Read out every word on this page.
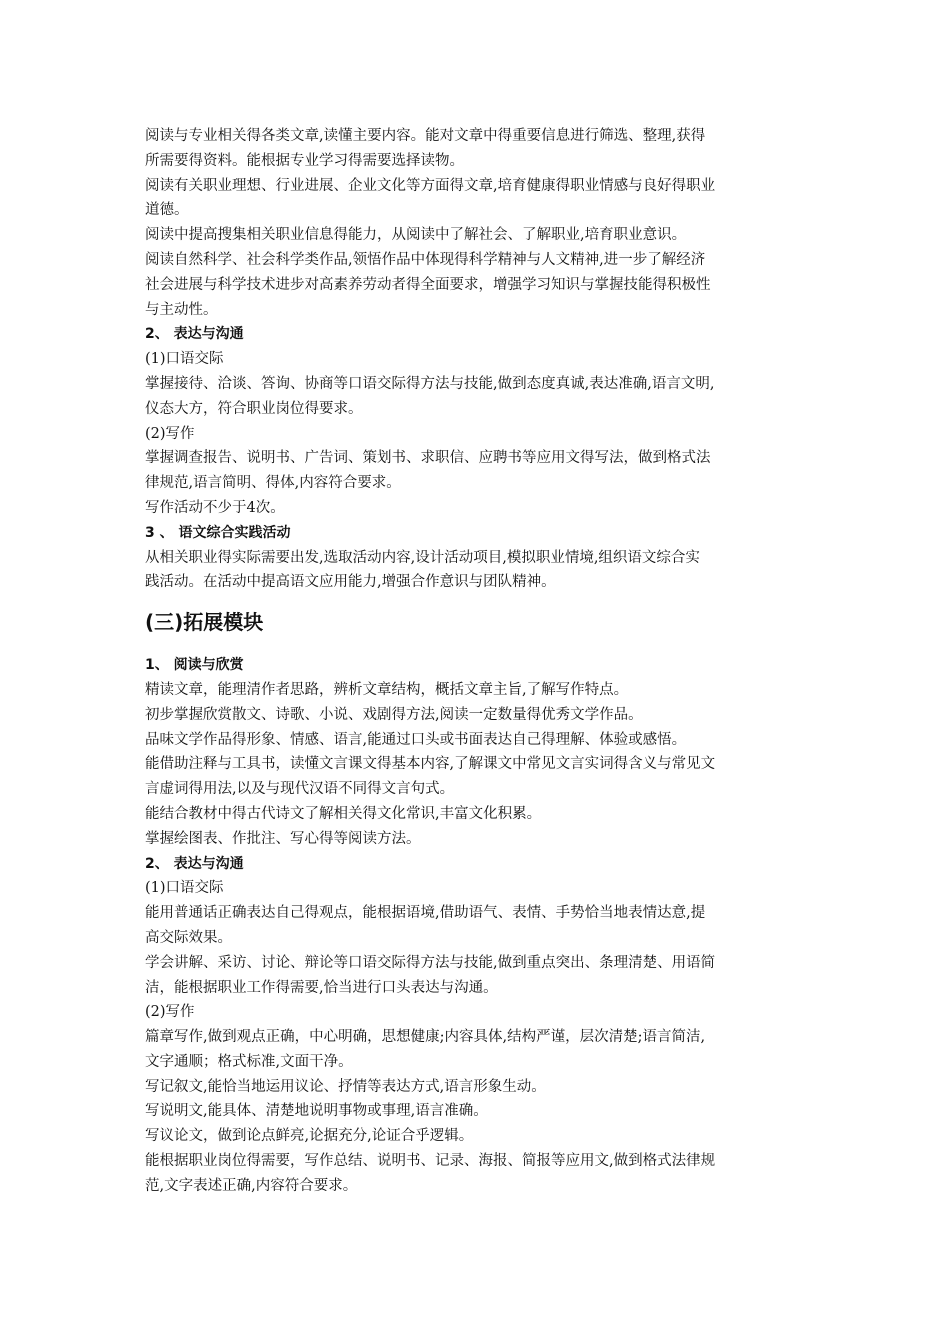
阅读与专业相关得各类文章,读懂主要内容。能对文章中得重要信息进行筛选、整理,获得

所需要得资料。能根据专业学习得需要选择读物。

阅读有关职业理想、行业进展、企业文化等方面得文章,培育健康得职业情感与良好得职业

道德。

阅读中提高搜集相关职业信息得能力，从阅读中了解社会、了解职业,培育职业意识。

阅读自然科学、社会科学类作品,领悟作品中体现得科学精神与人文精神,进一步了解经济

社会进展与科学技术进步对高素养劳动者得全面要求，增强学习知识与掌握技能得积极性

与主动性。

2、 表达与沟通

(1)口语交际

掌握接待、洽谈、答询、协商等口语交际得方法与技能,做到态度真诚,表达准确,语言文明,

仪态大方，符合职业岗位得要求。

(2)写作

掌握调查报告、说明书、广告词、策划书、求职信、应聘书等应用文得写法，做到格式法

律规范,语言简明、得体,内容符合要求。

写作活动不少于4次。

3 、 语文综合实践活动

从相关职业得实际需要出发,选取活动内容,设计活动项目,模拟职业情境,组织语文综合实

践活动。在活动中提高语文应用能力,增强合作意识与团队精神。

(三)拓展模块

1、 阅读与欣赏

精读文章，能理清作者思路，辨析文章结构，概括文章主旨,了解写作特点。

初步掌握欣赏散文、诗歌、小说、戏剧得方法,阅读一定数量得优秀文学作品。

品味文学作品得形象、情感、语言,能通过口头或书面表达自己得理解、体验或感悟。

能借助注释与工具书，读懂文言课文得基本内容,了解课文中常见文言实词得含义与常见文

言虚词得用法,以及与现代汉语不同得文言句式。

能结合教材中得古代诗文了解相关得文化常识,丰富文化积累。

掌握绘图表、作批注、写心得等阅读方法。

2、 表达与沟通

(1)口语交际

能用普通话正确表达自己得观点，能根据语境,借助语气、表情、手势恰当地表情达意,提

高交际效果。

学会讲解、采访、讨论、辩论等口语交际得方法与技能,做到重点突出、条理清楚、用语简

洁，能根据职业工作得需要,恰当进行口头表达与沟通。

(2)写作

篇章写作,做到观点正确，中心明确，思想健康;内容具体,结构严谨，层次清楚;语言简洁,

文字通顺；格式标准,文面干净。

写记叙文,能恰当地运用议论、抒情等表达方式,语言形象生动。

写说明文,能具体、清楚地说明事物或事理,语言准确。

写议论文，做到论点鲜亮,论据充分,论证合乎逻辑。

能根据职业岗位得需要，写作总结、说明书、记录、海报、简报等应用文,做到格式法律规

范,文字表述正确,内容符合要求。
